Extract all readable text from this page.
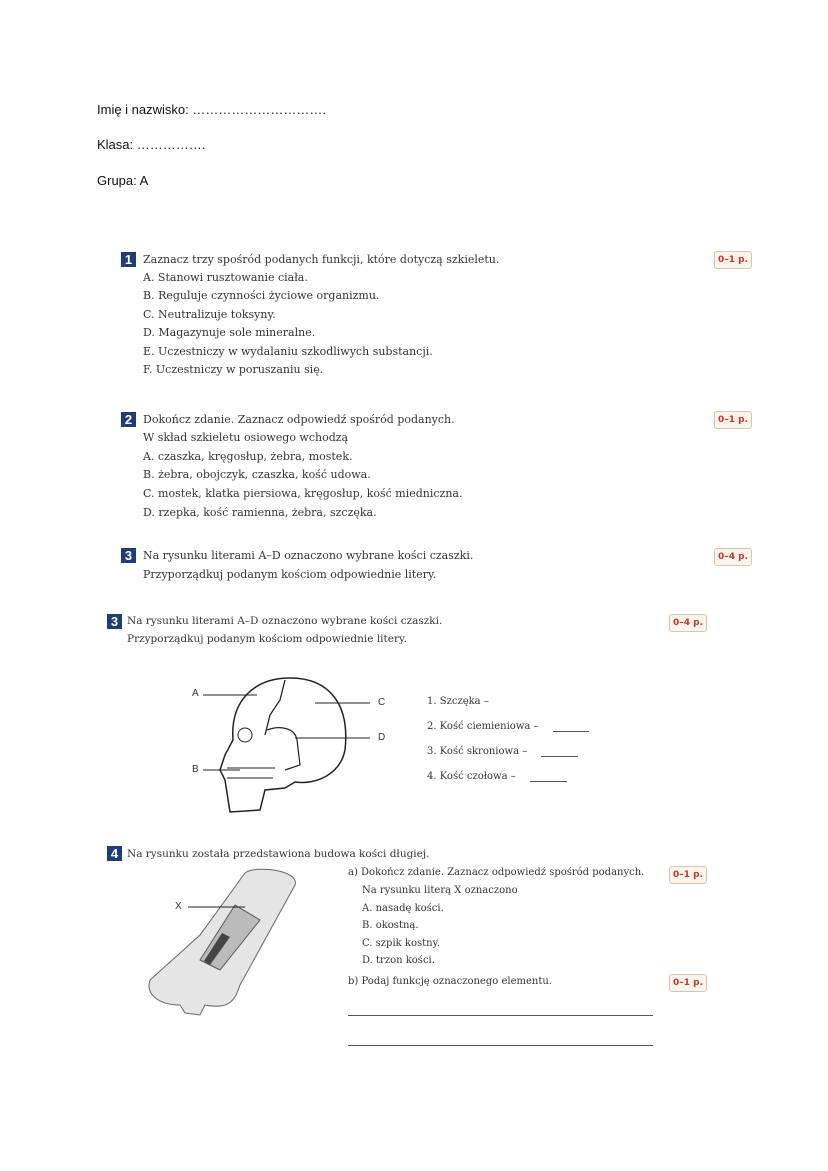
Imię i nazwisko: ………………………….
Klasa: …………….
Grupa: A
1 Zaznacz trzy spośród podanych funkcji, które dotyczą szkieletu.	0–1 p.
A. Stanowi rusztowanie ciała.
B. Reguluje czynności życiowe organizmu.
C. Neutralizuje toksyny.
D. Magazynuje sole mineralne.
E. Uczestniczy w wydalaniu szkodliwych substancji.
F. Uczestniczy w poruszaniu się.
2 Dokończ zdanie. Zaznacz odpowiedź spośród podanych.	0–1 p.
W skład szkieletu osiowego wchodzą
A. czaszka, kręgosłup, żebra, mostek.
B. żebra, obojczyk, czaszka, kość udowa.
C. mostek, klatka piersiowa, kręgosłup, kość miedniczna.
D. rzepka, kość ramienna, żebra, szczęka.
3 Na rysunku literami A–D oznaczono wybrane kości czaszki.
Przyporządkuj podanym kościom odpowiednie litery.
0–4 p.
3 Na rysunku literami A–D oznaczono wybrane kości czaszki.
Przyporządkuj podanym kościom odpowiednie litery.
0–4 p.
A
B
C
D
1. Szczęka –
2. Kość ciemieniowa –
3. Kość skroniowa –
4. Kość czołowa –
4 Na rysunku została przedstawiona budowa kości długiej.
X
a) Dokończ zdanie. Zaznacz odpowiedź spośród podanych.	0–1 p.
Na rysunku literą X oznaczono
A. nasadę kości.
B. okostną.
C. szpik kostny.
D. trzon kości.
b) Podaj funkcję oznaczonego elementu.	0–1 p.
